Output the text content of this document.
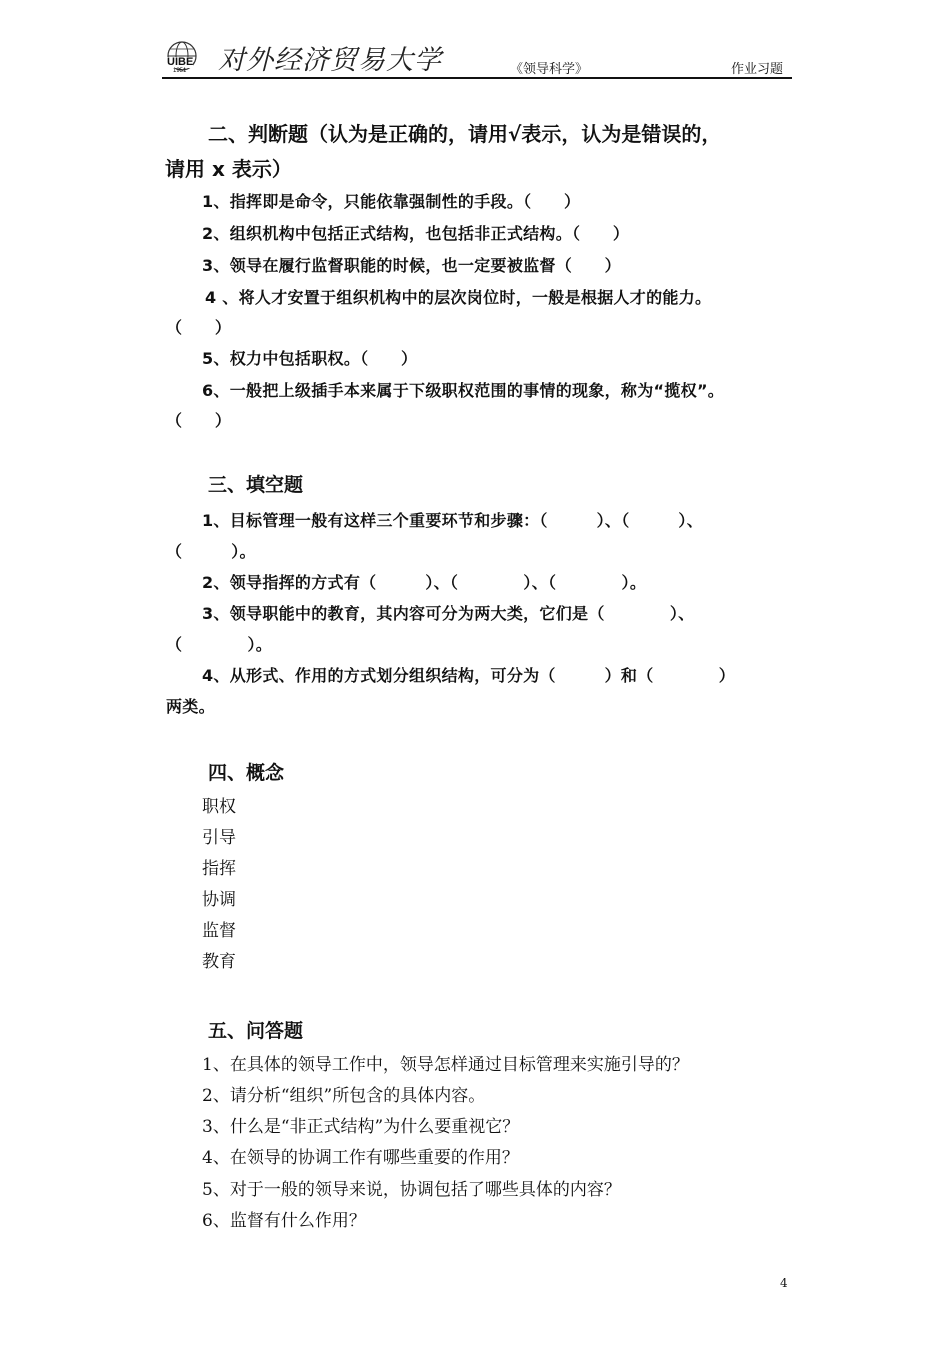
UIBE
1951 对外经济贸易大学	《领导科学》	作业习题
二、判断题（认为是正确的，请用√表示，认为是错误的，
请用 x 表示）
1、指挥即是命令，只能依靠强制性的手段。（　　）
2、组织机构中包括正式结构，也包括非正式结构。（　　）
3、领导在履行监督职能的时候，也一定要被监督（　　）
4 、将人才安置于组织机构中的层次岗位时，一般是根据人才的能力。
（　　）
5、权力中包括职权。（　　）
6、一般把上级插手本来属于下级职权范围的事情的现象，称为“揽权”。
（　　）
三、填空题
1、目标管理一般有这样三个重要环节和步骤：（　　　）、（　　　）、
（　　　）。
2、领导指挥的方式有（　　　）、（　　　　）、（　　　　）。
3、领导职能中的教育，其内容可分为两大类，它们是（　　　　）、
（　　　　）。
4、从形式、作用的方式划分组织结构，可分为（　　　）和（　　　　）
两类。
四、概念
职权
引导
指挥
协调
监督
教育
五、问答题
1、在具体的领导工作中，领导怎样通过目标管理来实施引导的？
2、请分析“组织”所包含的具体内容。
3、什么是“非正式结构”为什么要重视它？
4、在领导的协调工作有哪些重要的作用？
5、对于一般的领导来说，协调包括了哪些具体的内容？
6、监督有什么作用？
4
